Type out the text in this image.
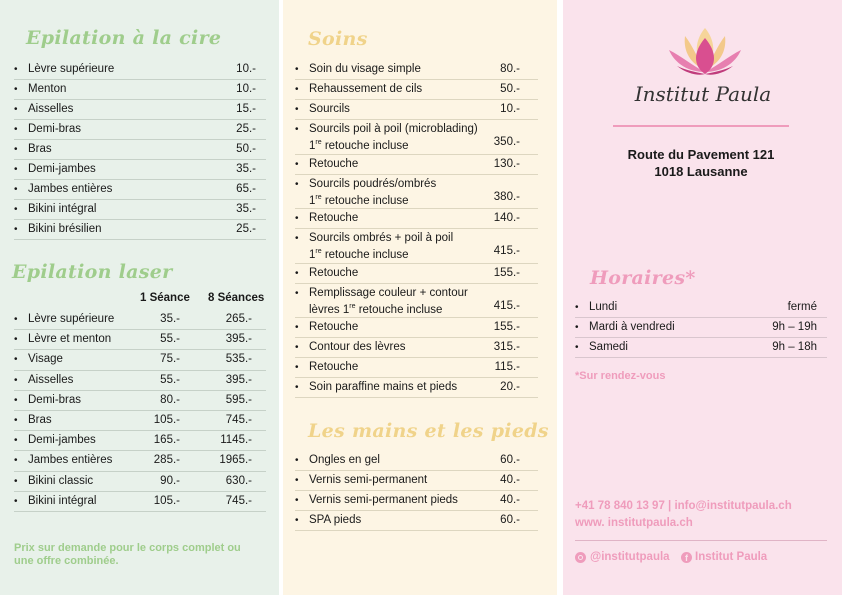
Epilation à la cire
• Lèvre supérieure	10.-
• Menton	10.-
• Aisselles	15.-
• Demi-bras	25.-
• Bras	50.-
• Demi-jambes	35.-
• Jambes entières	65.-
• Bikini intégral	35.-
• Bikini brésilien	25.-
Epilation laser
1 Séance 8 Séances
• Lèvre supérieure	35.-	265.-
• Lèvre et menton	55.-	395.-
• Visage	75.-	535.-
• Aisselles	55.-	395.-
• Demi-bras	80.-	595.-
• Bras	105.-	745.-
• Demi-jambes	165.-	1145.-
• Jambes entières	285.-	1965.-
• Bikini classic	90.-	630.-
• Bikini intégral	105.-	745.-
Prix sur demande pour le corps complet ou une offre combinée.
Soins
• Soin du visage simple	80.-
• Rehaussement de cils	50.-
• Sourcils	10.-
• Sourcils poil à poil (microblading)
1re retouche incluse	350.-
• Retouche	130.-
• Sourcils poudrés/ombrés
1re retouche incluse	380.-
• Retouche	140.-
• Sourcils ombrés + poil à poil
1re retouche incluse	415.-
• Retouche	155.-
• Remplissage couleur + contour
lèvres 1re retouche incluse	415.-
• Retouche	155.-
• Contour des lèvres	315.-
• Retouche	115.-
• Soin paraffine mains et pieds	20.-
Les mains et les pieds
• Ongles en gel	60.-
• Vernis semi-permanent	40.-
• Vernis semi-permanent pieds	40.-
• SPA pieds	60.-
Institut Paula
Route du Pavement 121
1018 Lausanne
Horaires*
• Lundi	fermé
• Mardi à vendredi	9h – 19h
• Samedi	9h – 18h
*Sur rendez-vous
+41 78 840 13 97 | info@institutpaula.ch
www. institutpaula.ch
@institutpaula	f Institut Paula
